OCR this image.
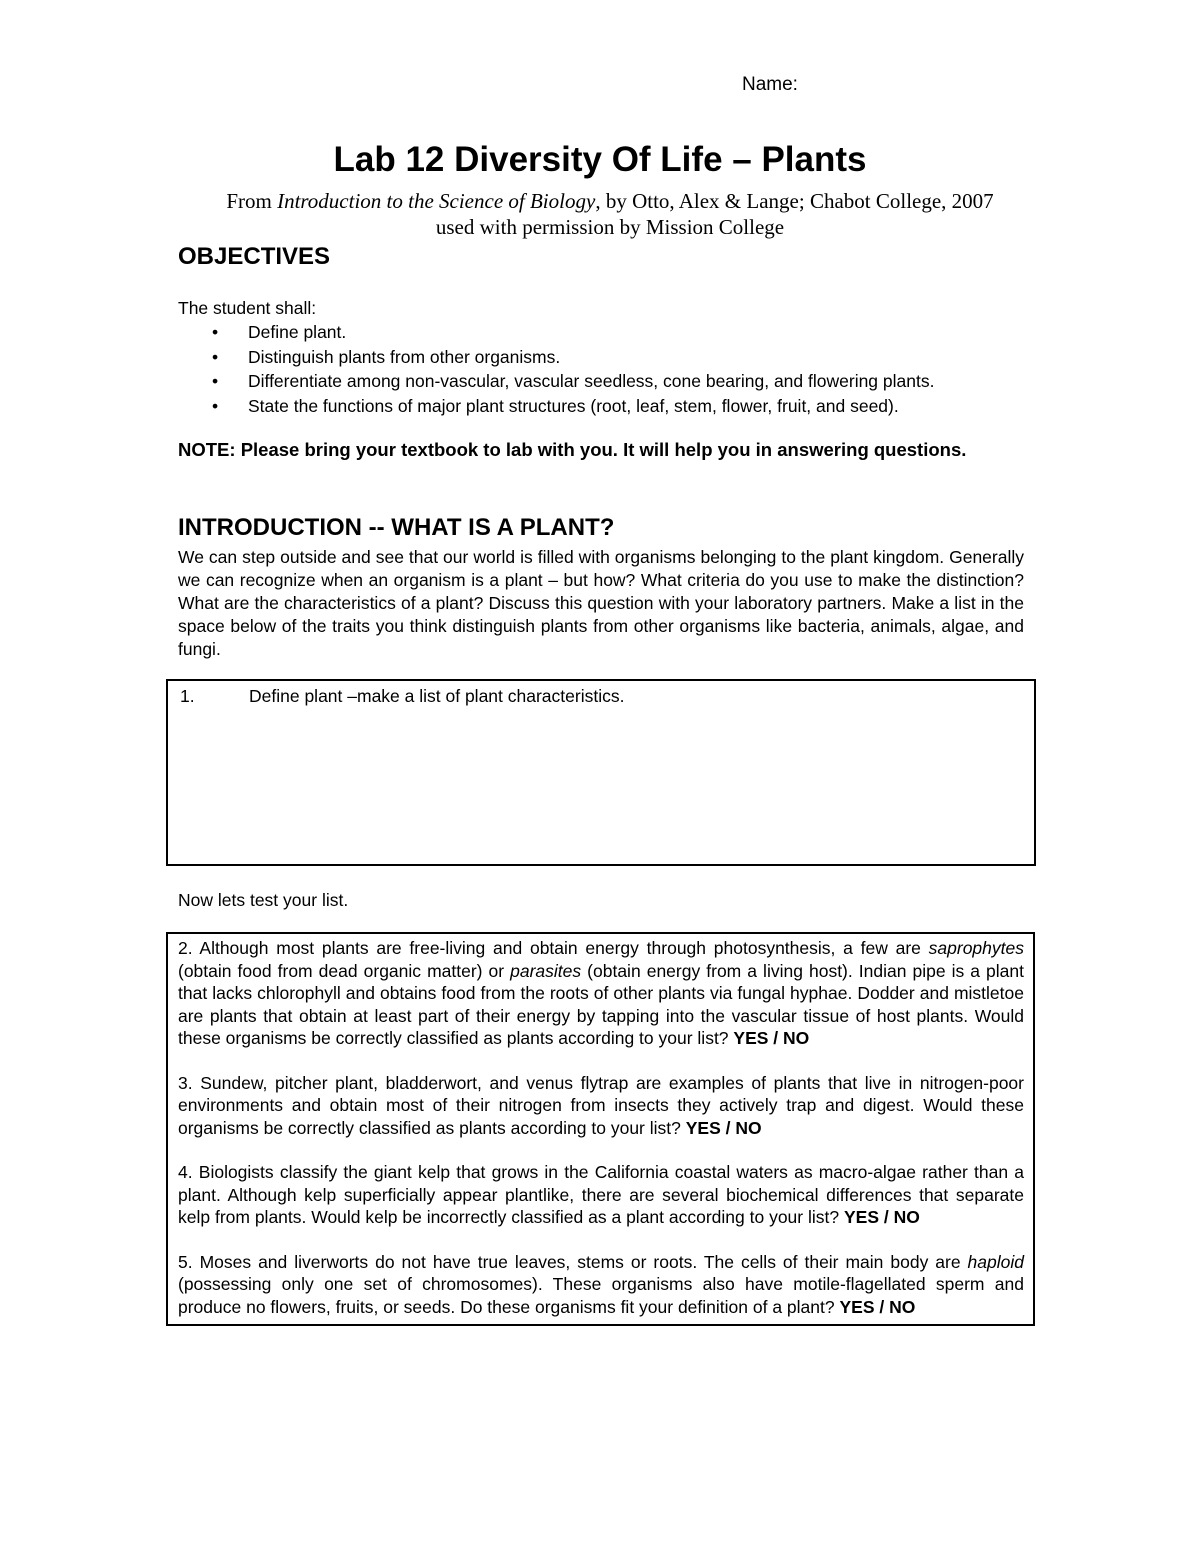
Name:
Lab 12 Diversity Of Life – Plants
From Introduction to the Science of Biology, by Otto, Alex & Lange; Chabot College, 2007
used with permission by Mission College
OBJECTIVES
The student shall:
• Define plant.
• Distinguish plants from other organisms.
• Differentiate among non-vascular, vascular seedless, cone bearing, and flowering plants.
• State the functions of major plant structures (root, leaf, stem, flower, fruit, and seed).
NOTE: Please bring your textbook to lab with you. It will help you in answering questions.
INTRODUCTION -- WHAT IS A PLANT?
We can step outside and see that our world is filled with organisms belonging to the plant kingdom. Generally we can recognize when an organism is a plant – but how? What criteria do you use to make the distinction? What are the characteristics of a plant? Discuss this question with your laboratory partners. Make a list in the space below of the traits you think distinguish plants from other organisms like bacteria, animals, algae, and fungi.
1.	Define plant –make a list of plant characteristics.
Now lets test your list.

2. Although most plants are free-living and obtain energy through photosynthesis, a few are saprophytes (obtain food from dead organic matter) or parasites (obtain energy from a living host). Indian pipe is a plant that lacks chlorophyll and obtains food from the roots of other plants via fungal hyphae. Dodder and mistletoe are plants that obtain at least part of their energy by tapping into the vascular tissue of host plants. Would these organisms be correctly classified as plants according to your list? YES / NO

3. Sundew, pitcher plant, bladderwort, and venus flytrap are examples of plants that live in nitrogen-poor environments and obtain most of their nitrogen from insects they actively trap and digest. Would these organisms be correctly classified as plants according to your list? YES / NO

4. Biologists classify the giant kelp that grows in the California coastal waters as macro-algae rather than a plant. Although kelp superficially appear plantlike, there are several biochemical differences that separate kelp from plants. Would kelp be incorrectly classified as a plant according to your list? YES / NO

5. Moses and liverworts do not have true leaves, stems or roots. The cells of their main body are haploid (possessing only one set of chromosomes). These organisms also have motile-flagellated sperm and produce no flowers, fruits, or seeds. Do these organisms fit your definition of a plant? YES / NO
